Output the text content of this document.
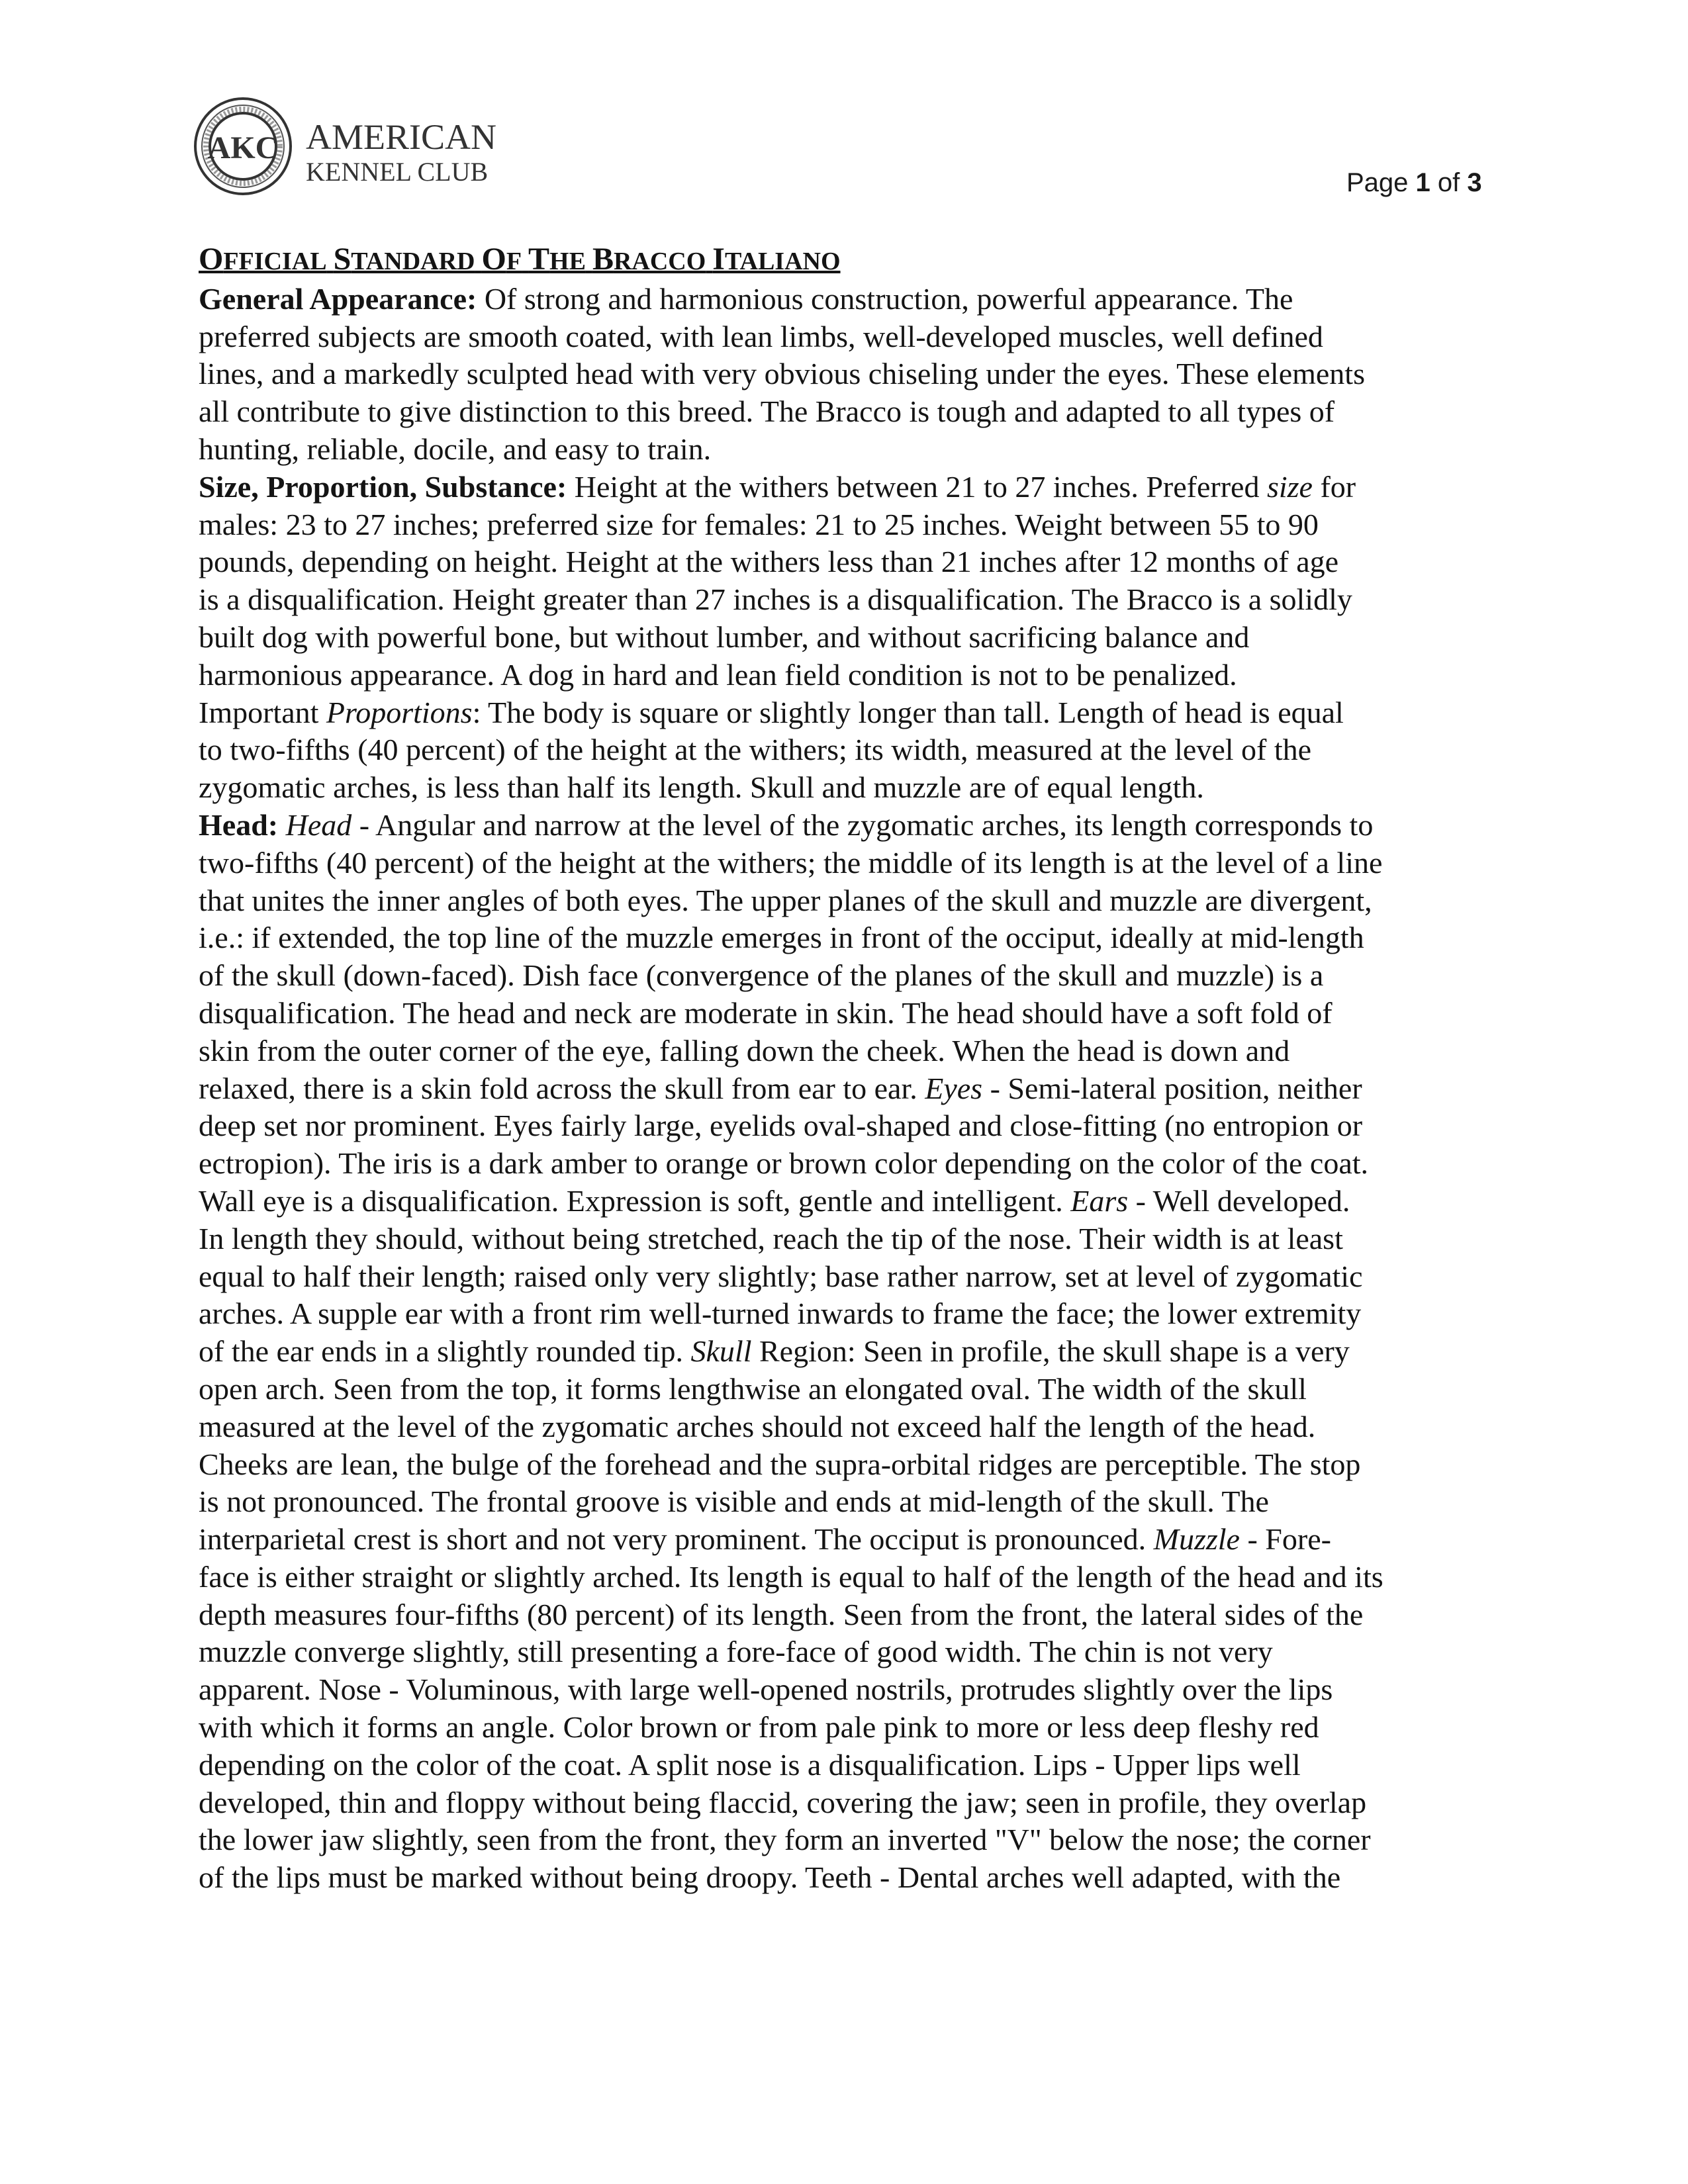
AKC AMERICAN
KENNEL CLUB	Page 1 of 3
OFFICIAL STANDARD OF THE BRACCO ITALIANO
General Appearance: Of strong and harmonious construction, powerful appearance. The
preferred subjects are smooth coated, with lean limbs, well-developed muscles, well defined
lines, and a markedly sculpted head with very obvious chiseling under the eyes. These elements
all contribute to give distinction to this breed. The Bracco is tough and adapted to all types of
hunting, reliable, docile, and easy to train.
Size, Proportion, Substance: Height at the withers between 21 to 27 inches. Preferred size for
males: 23 to 27 inches; preferred size for females: 21 to 25 inches. Weight between 55 to 90
pounds, depending on height. Height at the withers less than 21 inches after 12 months of age
is a disqualification. Height greater than 27 inches is a disqualification. The Bracco is a solidly
built dog with powerful bone, but without lumber, and without sacrificing balance and
harmonious appearance. A dog in hard and lean field condition is not to be penalized.
Important Proportions: The body is square or slightly longer than tall. Length of head is equal
to two-fifths (40 percent) of the height at the withers; its width, measured at the level of the
zygomatic arches, is less than half its length. Skull and muzzle are of equal length.
Head: Head - Angular and narrow at the level of the zygomatic arches, its length corresponds to
two-fifths (40 percent) of the height at the withers; the middle of its length is at the level of a line
that unites the inner angles of both eyes. The upper planes of the skull and muzzle are divergent,
i.e.: if extended, the top line of the muzzle emerges in front of the occiput, ideally at mid-length
of the skull (down-faced). Dish face (convergence of the planes of the skull and muzzle) is a
disqualification. The head and neck are moderate in skin. The head should have a soft fold of
skin from the outer corner of the eye, falling down the cheek. When the head is down and
relaxed, there is a skin fold across the skull from ear to ear. Eyes - Semi-lateral position, neither
deep set nor prominent. Eyes fairly large, eyelids oval-shaped and close-fitting (no entropion or
ectropion). The iris is a dark amber to orange or brown color depending on the color of the coat.
Wall eye is a disqualification. Expression is soft, gentle and intelligent. Ears - Well developed.
In length they should, without being stretched, reach the tip of the nose. Their width is at least
equal to half their length; raised only very slightly; base rather narrow, set at level of zygomatic
arches. A supple ear with a front rim well-turned inwards to frame the face; the lower extremity
of the ear ends in a slightly rounded tip. Skull Region: Seen in profile, the skull shape is a very
open arch. Seen from the top, it forms lengthwise an elongated oval. The width of the skull
measured at the level of the zygomatic arches should not exceed half the length of the head.
Cheeks are lean, the bulge of the forehead and the supra-orbital ridges are perceptible. The stop
is not pronounced. The frontal groove is visible and ends at mid-length of the skull. The
interparietal crest is short and not very prominent. The occiput is pronounced. Muzzle - Fore-
face is either straight or slightly arched. Its length is equal to half of the length of the head and its
depth measures four-fifths (80 percent) of its length. Seen from the front, the lateral sides of the
muzzle converge slightly, still presenting a fore-face of good width. The chin is not very
apparent. Nose - Voluminous, with large well-opened nostrils, protrudes slightly over the lips
with which it forms an angle. Color brown or from pale pink to more or less deep fleshy red
depending on the color of the coat. A split nose is a disqualification. Lips - Upper lips well
developed, thin and floppy without being flaccid, covering the jaw; seen in profile, they overlap
the lower jaw slightly, seen from the front, they form an inverted "V" below the nose; the corner
of the lips must be marked without being droopy. Teeth - Dental arches well adapted, with the
